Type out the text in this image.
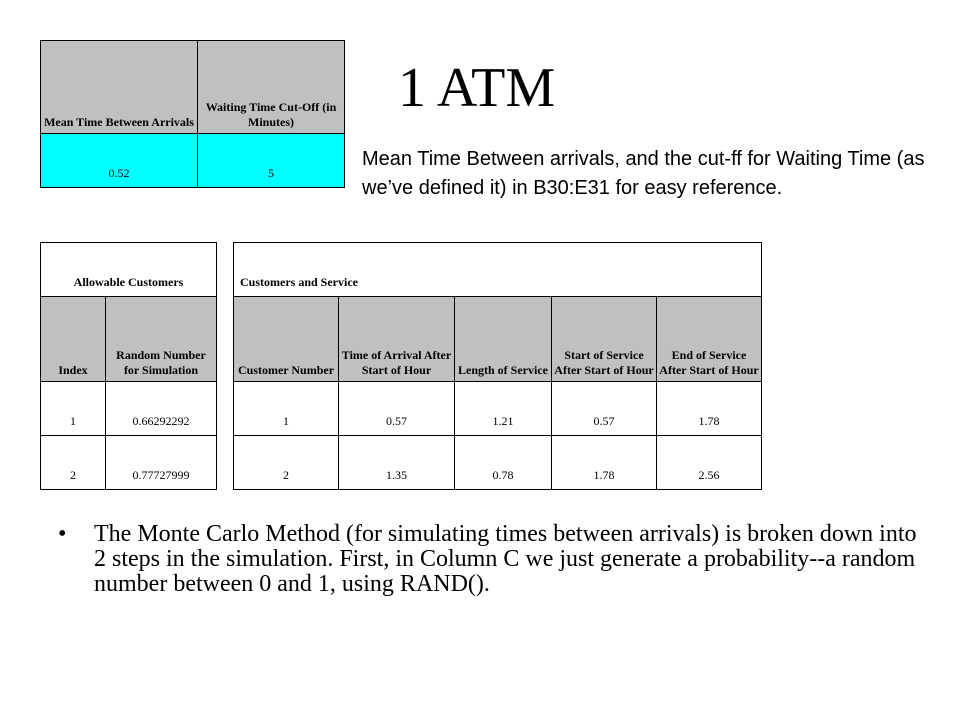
Mean Time Between Arrivals	Waiting Time Cut-Off (in Minutes)
0.52	5
1 ATM
Mean Time Between arrivals, and the cut-ff for Waiting Time (as we’ve defined it) in B30:E31 for easy reference.
Allowable Customers			Customers and Service				
Index	Random Number for Simulation		Customer Number	Time of Arrival After Start of Hour	Length of Service	Start of Service After Start of Hour	End of Service After Start of Hour
1	0.66292292		1	0.57	1.21	0.57	1.78
2	0.77727999		2	1.35	0.78	1.78	2.56
• The Monte Carlo Method (for simulating times between arrivals) is broken down into 2 steps in the simulation. First, in Column C we just generate a probability--a random number between 0 and 1, using RAND().
